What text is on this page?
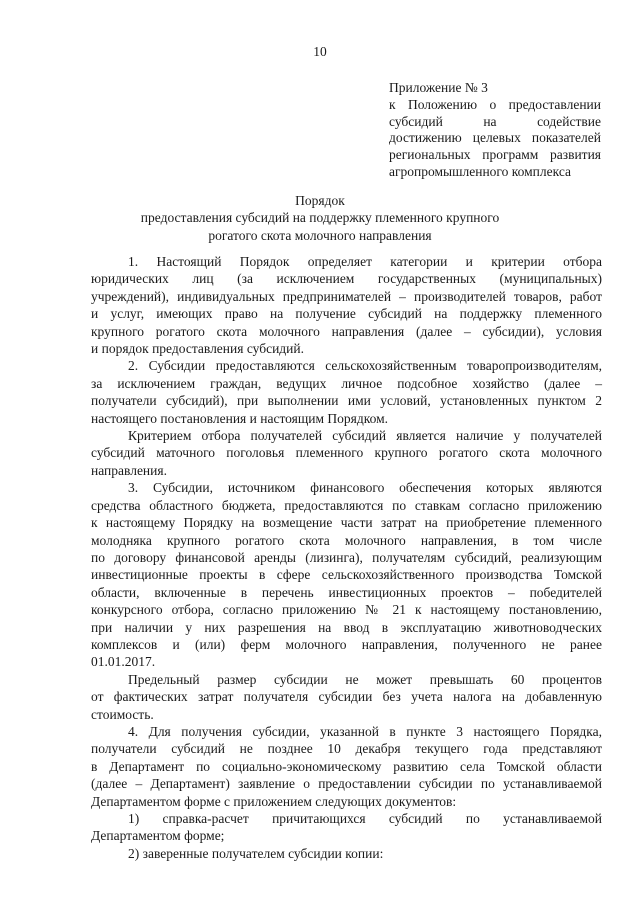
10
Приложение № 3
к Положению о предоставлении
субсидий на содействие
достижению целевых показателей
региональных программ развития
агропромышленного комплекса
Порядок
предоставления субсидий на поддержку племенного крупного
рогатого скота молочного направления

1. Настоящий Порядок определяет категории и критерии отбора
юридических лиц (за исключением государственных (муниципальных)
учреждений), индивидуальных предпринимателей – производителей товаров, работ
и услуг, имеющих право на получение субсидий на поддержку племенного
крупного рогатого скота молочного направления (далее – субсидии), условия
и порядок предоставления субсидий.

2. Субсидии предоставляются сельскохозяйственным товаропроизводителям,
за исключением граждан, ведущих личное подсобное хозяйство (далее –
получатели субсидий), при выполнении ими условий, установленных пунктом 2
настоящего постановления и настоящим Порядком.

Критерием отбора получателей субсидий является наличие у получателей
субсидий маточного поголовья племенного крупного рогатого скота молочного
направления.

3. Субсидии, источником финансового обеспечения которых являются
средства областного бюджета, предоставляются по ставкам согласно приложению
к настоящему Порядку на возмещение части затрат на приобретение племенного
молодняка крупного рогатого скота молочного направления, в том числе
по договору финансовой аренды (лизинга), получателям субсидий, реализующим
инвестиционные проекты в сфере сельскохозяйственного производства Томской
области, включенные в перечень инвестиционных проектов – победителей
конкурсного отбора, согласно приложению № 21 к настоящему постановлению,
при наличии у них разрешения на ввод в эксплуатацию животноводческих
комплексов и (или) ферм молочного направления, полученного не ранее
01.01.2017.

Предельный размер субсидии не может превышать 60 процентов
от фактических затрат получателя субсидии без учета налога на добавленную
стоимость.

4. Для получения субсидии, указанной в пункте 3 настоящего Порядка,
получатели субсидий не позднее 10 декабря текущего года представляют
в Департамент по социально-экономическому развитию села Томской области
(далее – Департамент) заявление о предоставлении субсидии по устанавливаемой
Департаментом форме с приложением следующих документов:

1) справка-расчет причитающихся субсидий по устанавливаемой
Департаментом форме;

2) заверенные получателем субсидии копии:
